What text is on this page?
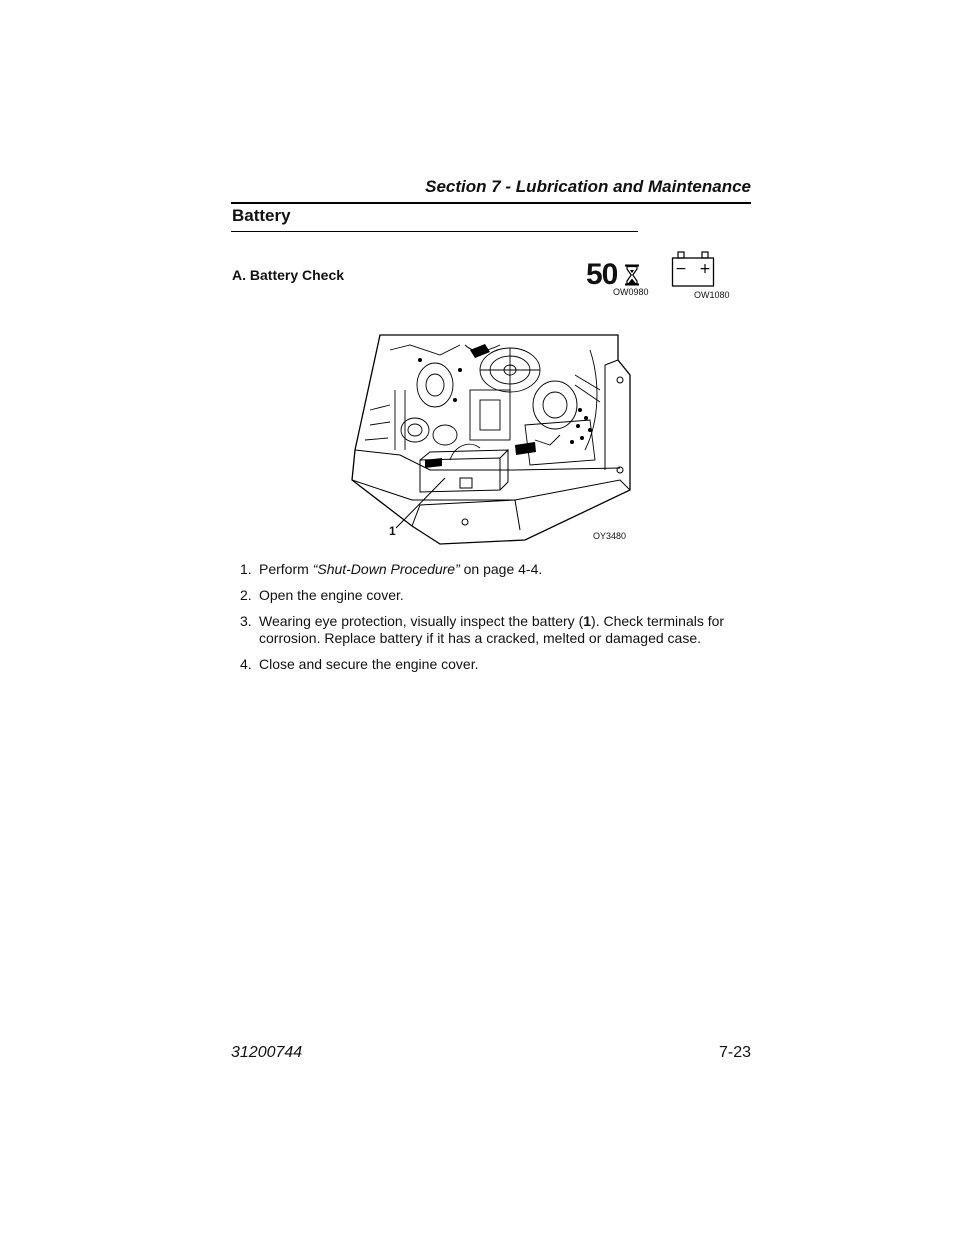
Section 7 - Lubrication and Maintenance
Battery
A. Battery Check	50
OW0980
− +
OW1080
1	OY3480
1. Perform “Shut-Down Procedure” on page 4-4.
2. Open the engine cover.
3. Wearing eye protection, visually inspect the battery (1). Check terminals for corrosion. Replace battery if it has a cracked, melted or damaged case.
4. Close and secure the engine cover.
31200744	7-23
